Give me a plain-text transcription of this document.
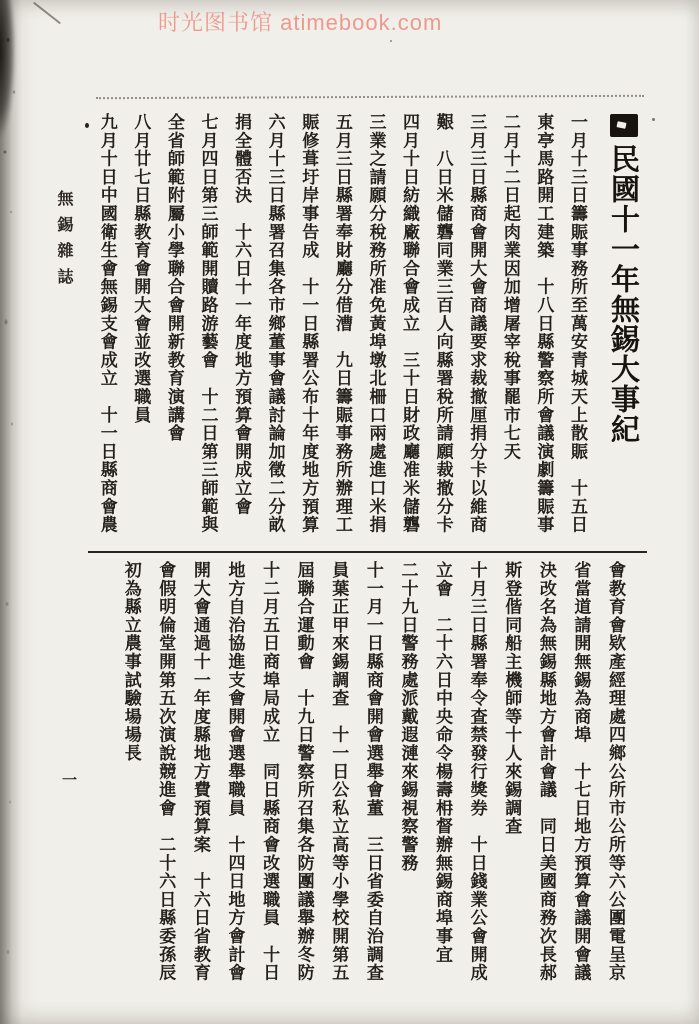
时光图书馆 atimebook.com
民國十一年無錫大事紀
一月十三日籌賑事務所至萬安青城天上散賑　十五日
東亭馬路開工建築　十八日縣警察所會議演劇籌賑事
二月十二日起肉業因加增屠宰稅事罷市七天
三月三日縣商會開大會商議要求裁撤厘捐分卡以維商
艱　八日米儲礱同業三百人向縣署稅所請願裁撤分卡
四月十日紡織廠聯合會成立　三十日財政廳准米儲礱
三業之請願分稅務所准免黃埠墩北柵口兩處進口米捐
五月三日縣署奉財廳分借漕　九日籌賑事務所辦理工
賑修葺圩岸事告成　十一日縣署公布十年度地方預算
六月十三日縣署召集各市鄉董事會議討論加徵二分畝
捐全體否決　十六日十一年度地方預算會開成立會
七月四日第三師範開贖路游藝會　十二日第三師範與
全省師範附屬小學聯合會開新教育演講會
八月廿七日縣教育會開大會並改選職員
九月十日中國衛生會無錫支會成立　十一日縣商會農
會教育會欵產經理處四鄉公所市公所等六公團電呈京
省當道請開無錫為商埠　十七日地方預算會議開會議
決改名為無錫縣地方會計會議　同日美國商務次長郝
斯登偕同船主機師等十人來錫調查
十月三日縣署奉令查禁發行獎券　十日錢業公會開成
立會　二十六日中央命令楊壽枏督辦無錫商埠事宜
二十九日警務處派戴遐漣來錫視察警務
十一月一日縣商會開會選舉會董　三日省委自治調查
員葉正甲來錫調查　十一日公私立高等小學校開第五
屆聯合運動會　十九日警察所召集各防團議舉辦冬防
十二月五日商埠局成立　同日縣商會改選職員　十日
地方自治協進支會開會選舉職員　十四日地方會計會
開大會通過十一年度縣地方費預算案　十六日省教育
會假明倫堂開第五次演說競進會　二十六日縣委孫辰
初為縣立農事試驗場場長
無錫雜誌
一
